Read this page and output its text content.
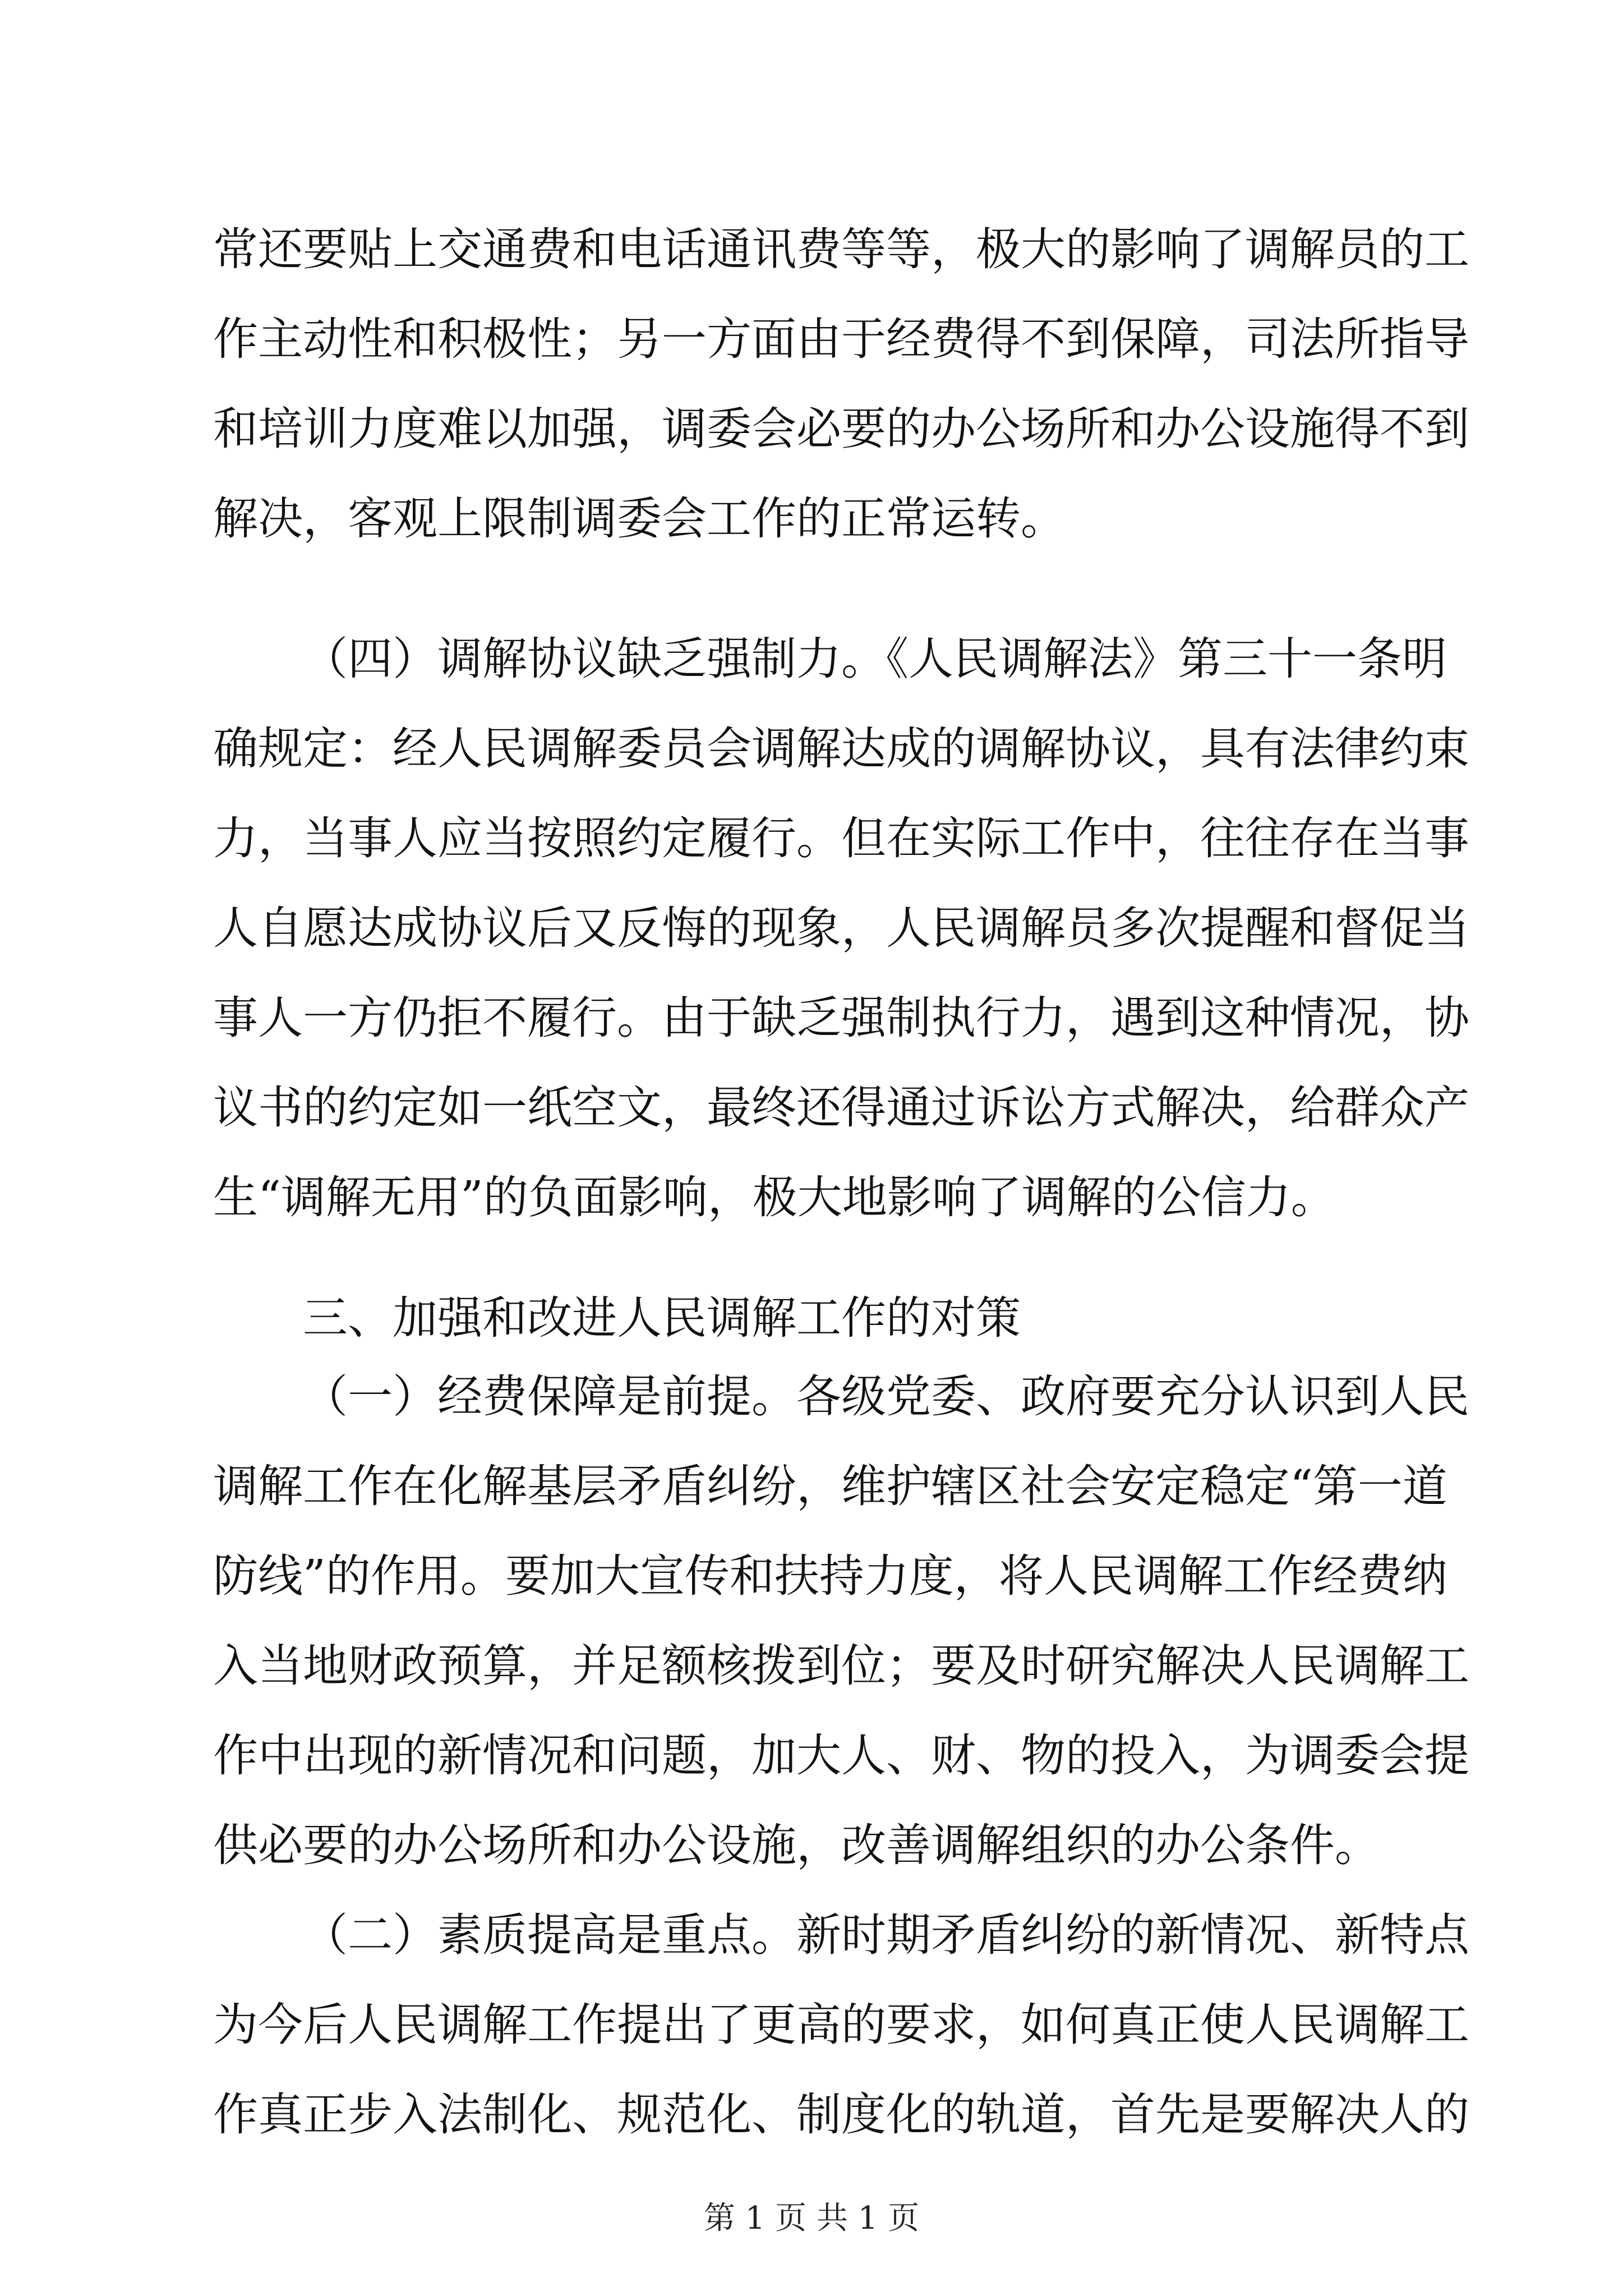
常还要贴上交通费和电话通讯费等等，极大的影响了调解员的工
作主动性和积极性；另一方面由于经费得不到保障，司法所指导
和培训力度难以加强，调委会必要的办公场所和办公设施得不到
解决，客观上限制调委会工作的正常运转。
（四）调解协议缺乏强制力。《人民调解法》第三十一条明
确规定：经人民调解委员会调解达成的调解协议，具有法律约束
力，当事人应当按照约定履行。但在实际工作中，往往存在当事
人自愿达成协议后又反悔的现象，人民调解员多次提醒和督促当
事人一方仍拒不履行。由于缺乏强制执行力，遇到这种情况，协
议书的约定如一纸空文，最终还得通过诉讼方式解决，给群众产
生“调解无用”的负面影响，极大地影响了调解的公信力。
三、加强和改进人民调解工作的对策
（一）经费保障是前提。各级党委、政府要充分认识到人民
调解工作在化解基层矛盾纠纷，维护辖区社会安定稳定“第一道
防线”的作用。要加大宣传和扶持力度，将人民调解工作经费纳
入当地财政预算，并足额核拨到位；要及时研究解决人民调解工
作中出现的新情况和问题，加大人、财、物的投入，为调委会提
供必要的办公场所和办公设施，改善调解组织的办公条件。
（二）素质提高是重点。新时期矛盾纠纷的新情况、新特点
为今后人民调解工作提出了更高的要求，如何真正使人民调解工
作真正步入法制化、规范化、制度化的轨道，首先是要解决人的
第 1 页 共 1 页
